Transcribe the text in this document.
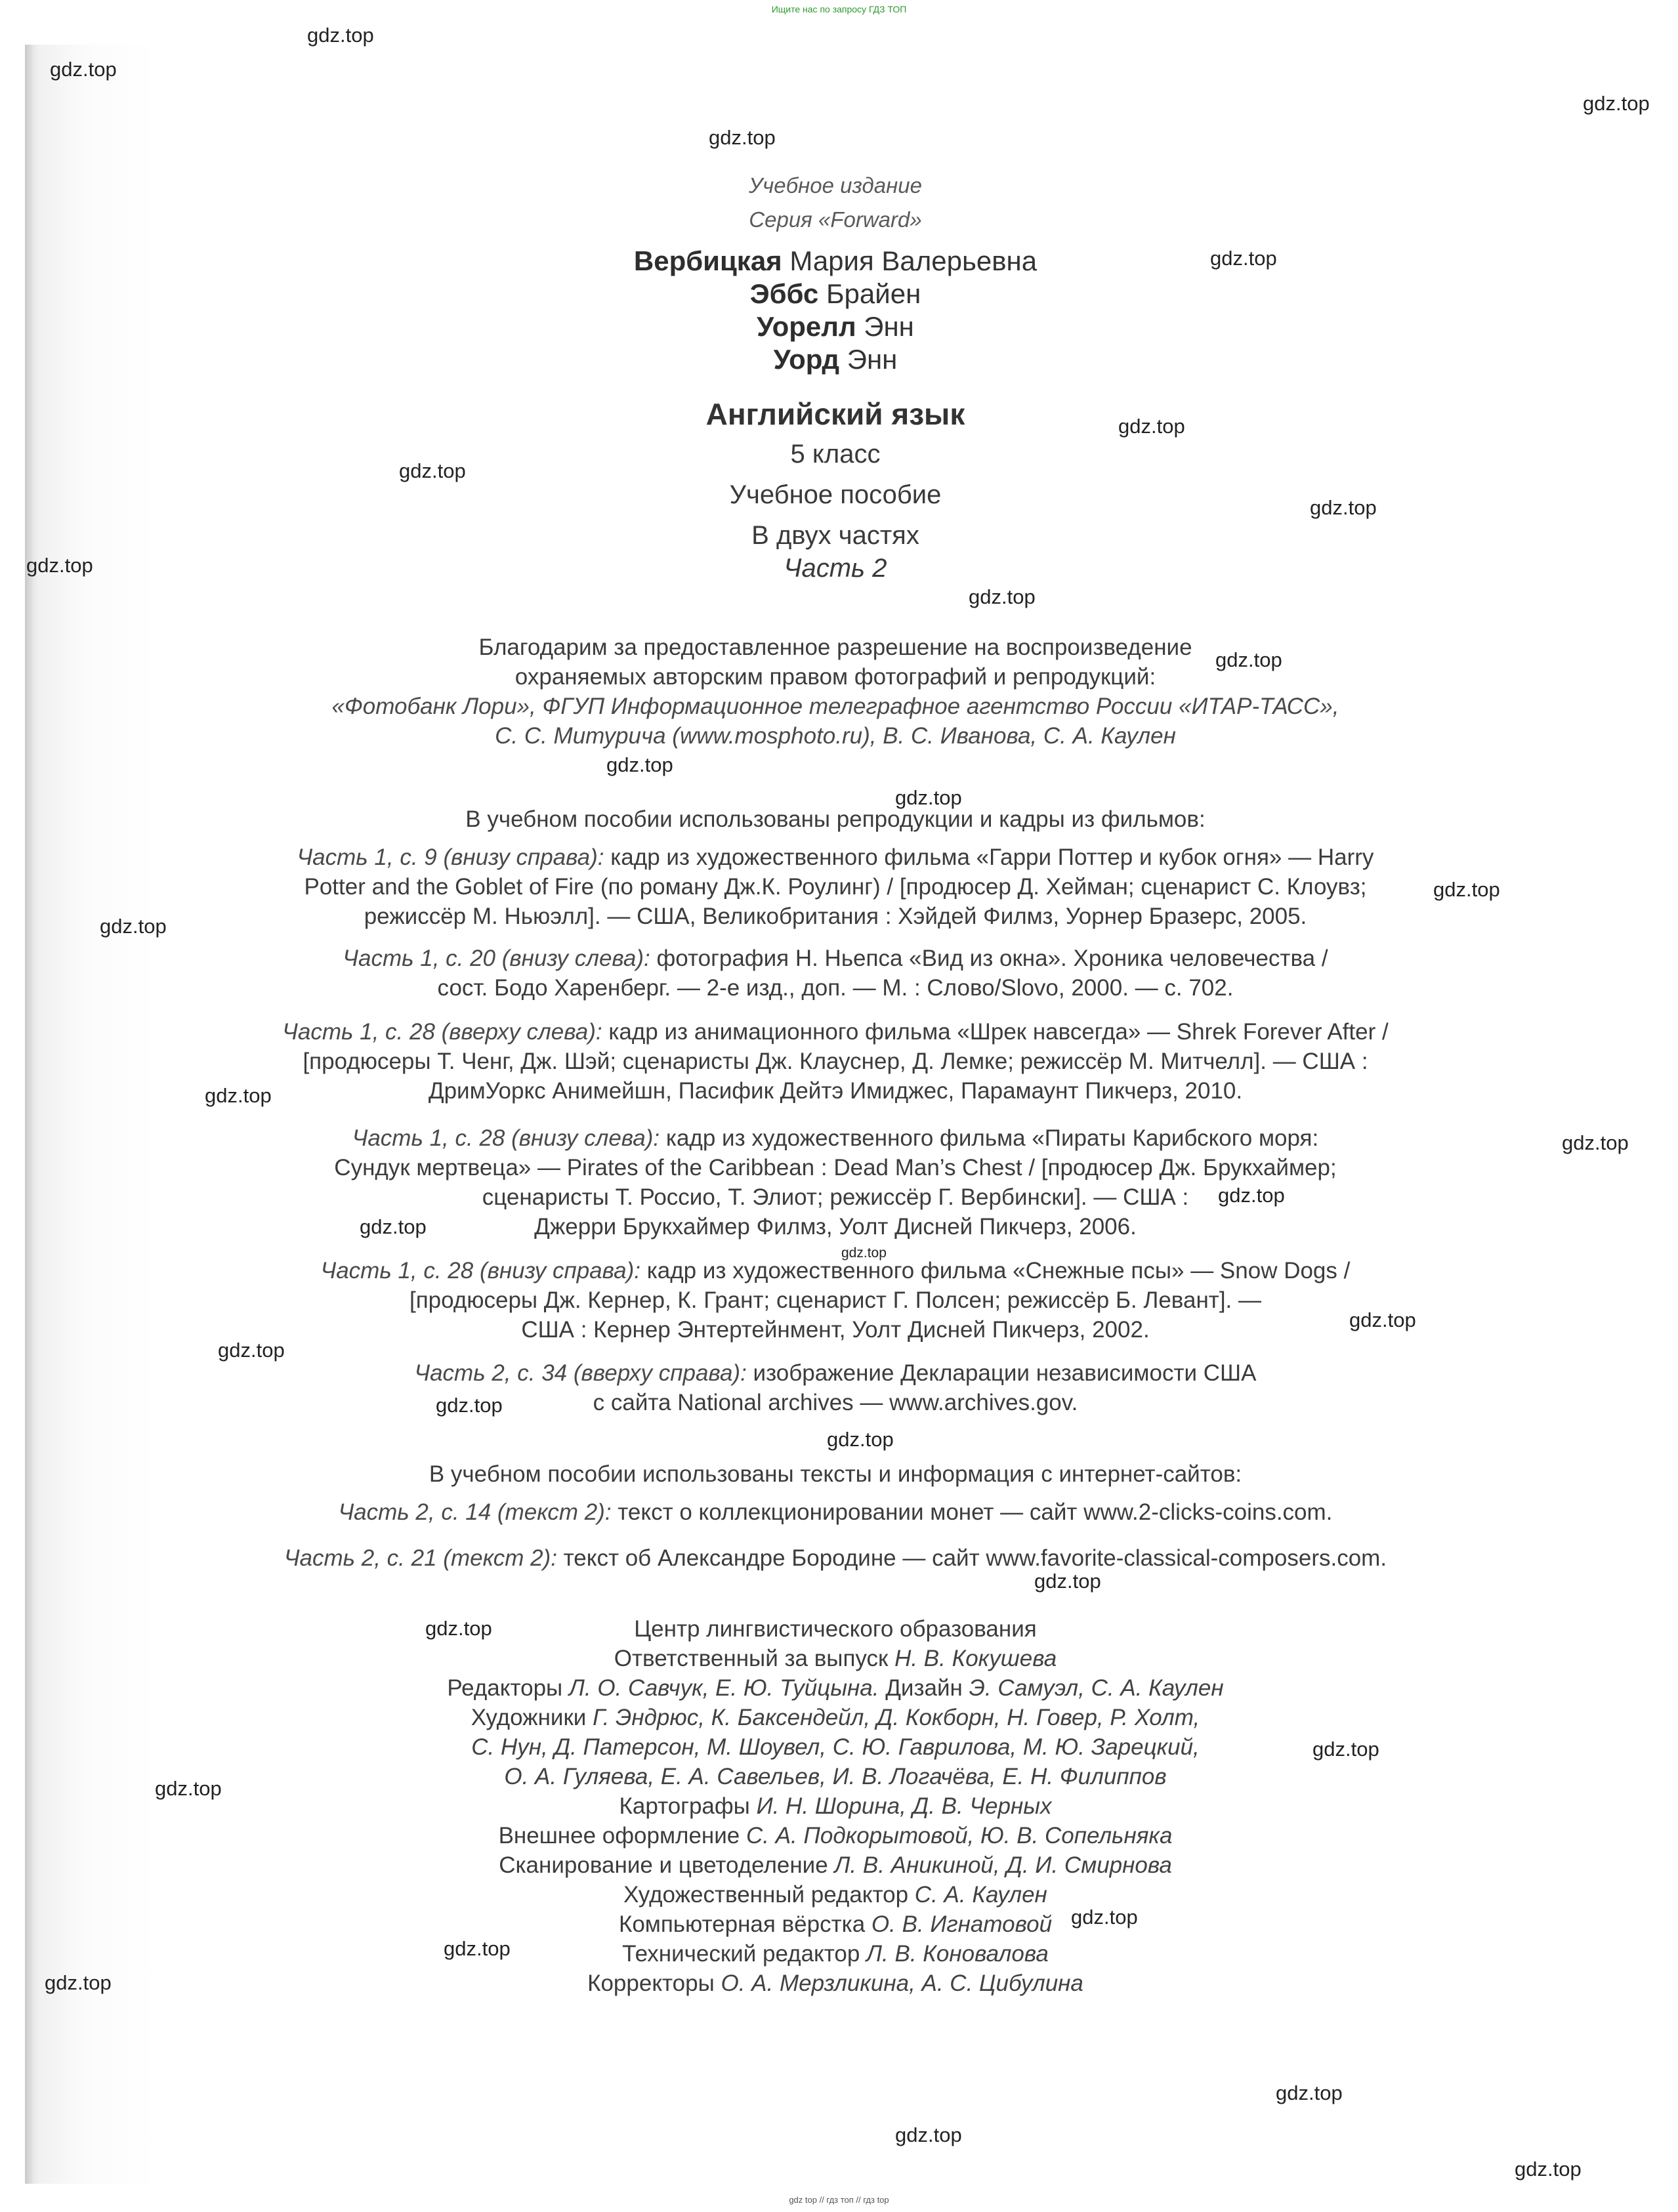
Ищите нас по запросу ГДЗ ТОП
Учебное издание
Серия «Forward»
Вербицкая Мария Валерьевна
Эббс Брайен
Уорелл Энн
Уорд Энн
Английский язык
5 класс
Учебное пособие
В двух частях
Часть 2
Благодарим за предоставленное разрешение на воспроизведение
охраняемых авторским правом фотографий и репродукций:
«Фотобанк Лори», ФГУП Информационное телеграфное агентство России «ИТАР-ТАСС»,
С. С. Митурича (www.mosphoto.ru), В. С. Иванова, С. А. Каулен
В учебном пособии использованы репродукции и кадры из фильмов:
Часть 1, с. 9 (внизу справа): кадр из художественного фильма «Гарри Поттер и кубок огня» — Harry
Potter and the Goblet of Fire (по роману Дж.К. Роулинг) / [продюсер Д. Хейман; сценарист С. Клоувз;
режиссёр М. Ньюэлл]. — США, Великобритания : Хэйдей Филмз, Уорнер Бразерс, 2005.
Часть 1, с. 20 (внизу слева): фотография Н. Ньепса «Вид из окна». Хроника человечества /
сост. Бодо Харенберг. — 2-е изд., доп. — М. : Слово/Slovo, 2000. — с. 702.
Часть 1, с. 28 (вверху слева): кадр из анимационного фильма «Шрек навсегда» — Shrek Forever After /
[продюсеры Т. Ченг, Дж. Шэй; сценаристы Дж. Клауснер, Д. Лемке; режиссёр М. Митчелл]. — США :
ДримУоркс Анимейшн, Пасифик Дейтэ Имиджес, Парамаунт Пикчерз, 2010.
Часть 1, с. 28 (внизу слева): кадр из художественного фильма «Пираты Карибского моря:
Сундук мертвеца» — Pirates of the Caribbean : Dead Man’s Chest / [продюсер Дж. Брукхаймер;
сценаристы Т. Россио, Т. Элиот; режиссёр Г. Вербински]. — США :
Джерри Брукхаймер Филмз, Уолт Дисней Пикчерз, 2006.
Часть 1, с. 28 (внизу справа): кадр из художественного фильма «Снежные псы» — Snow Dogs /
[продюсеры Дж. Кернер, К. Грант; сценарист Г. Полсен; режиссёр Б. Левант]. —
США : Кернер Энтертейнмент, Уолт Дисней Пикчерз, 2002.
Часть 2, с. 34 (вверху справа): изображение Декларации независимости США
с сайта National archives — www.archives.gov.
В учебном пособии использованы тексты и информация с интернет-сайтов:
Часть 2, с. 14 (текст 2): текст о коллекционировании монет — сайт www.2-clicks-coins.com.
Часть 2, с. 21 (текст 2): текст об Александре Бородине — сайт www.favorite-classical-composers.com.
Центр лингвистического образования
Ответственный за выпуск Н. В. Кокушева
Редакторы Л. О. Савчук, Е. Ю. Туйцына. Дизайн Э. Самуэл, С. А. Каулен
Художники Г. Эндрюс, К. Баксендейл, Д. Кокборн, Н. Говер, Р. Холт,
С. Нун, Д. Патерсон, М. Шоувел, С. Ю. Гаврилова, М. Ю. Зарецкий,
О. А. Гуляева, Е. А. Савельев, И. В. Логачёва, Е. Н. Филиппов
Картографы И. Н. Шорина, Д. В. Черных
Внешнее оформление С. А. Подкорытовой, Ю. В. Сопельняка
Сканирование и цветоделение Л. В. Аникиной, Д. И. Смирнова
Художественный редактор С. А. Каулен
Компьютерная вёрстка О. В. Игнатовой
Технический редактор Л. В. Коновалова
Корректоры О. А. Мерзликина, А. С. Цибулина
gdz.top
gdz.top
gdz.top
gdz.top
gdz.top
gdz.top
gdz.top
gdz.top
gdz.top
gdz.top
gdz.top
gdz.top
gdz.top
gdz.top
gdz.top
gdz.top
gdz.top
gdz.top
gdz.top
gdz.top
gdz.top
gdz.top
gdz.top
gdz.top
gdz.top
gdz.top
gdz.top
gdz.top
gdz.top
gdz.top
gdz.top
gdz.top
gdz.top
gdz.top
gdz top // гдз топ // гдз top
